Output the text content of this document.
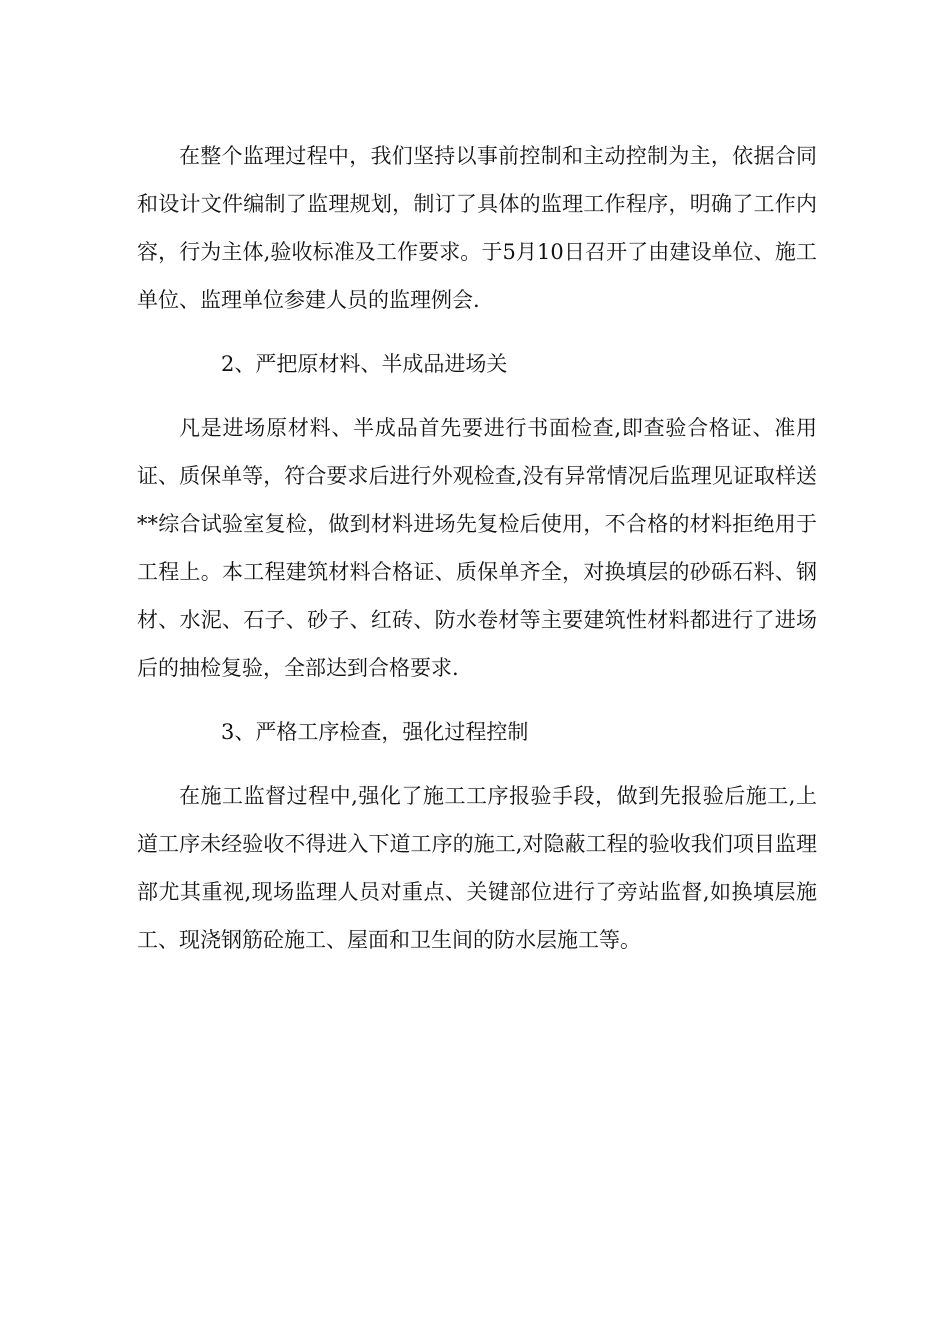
在整个监理过程中，我们坚持以事前控制和主动控制为主，依据合同和设计文件编制了监理规划，制订了具体的监理工作程序，明确了工作内容，行为主体,验收标准及工作要求。于5月10日召开了由建设单位、施工单位、监理单位参建人员的监理例会.

2、严把原材料、半成品进场关

凡是进场原材料、半成品首先要进行书面检查,即查验合格证、准用证、质保单等，符合要求后进行外观检查,没有异常情况后监理见证取样送**综合试验室复检，做到材料进场先复检后使用，不合格的材料拒绝用于工程上。本工程建筑材料合格证、质保单齐全，对换填层的砂砾石料、钢材、水泥、石子、砂子、红砖、防水卷材等主要建筑性材料都进行了进场后的抽检复验，全部达到合格要求.

3、严格工序检查，强化过程控制

在施工监督过程中,强化了施工工序报验手段，做到先报验后施工,上道工序未经验收不得进入下道工序的施工,对隐蔽工程的验收我们项目监理部尤其重视,现场监理人员对重点、关键部位进行了旁站监督,如换填层施工、现浇钢筋砼施工、屋面和卫生间的防水层施工等。
